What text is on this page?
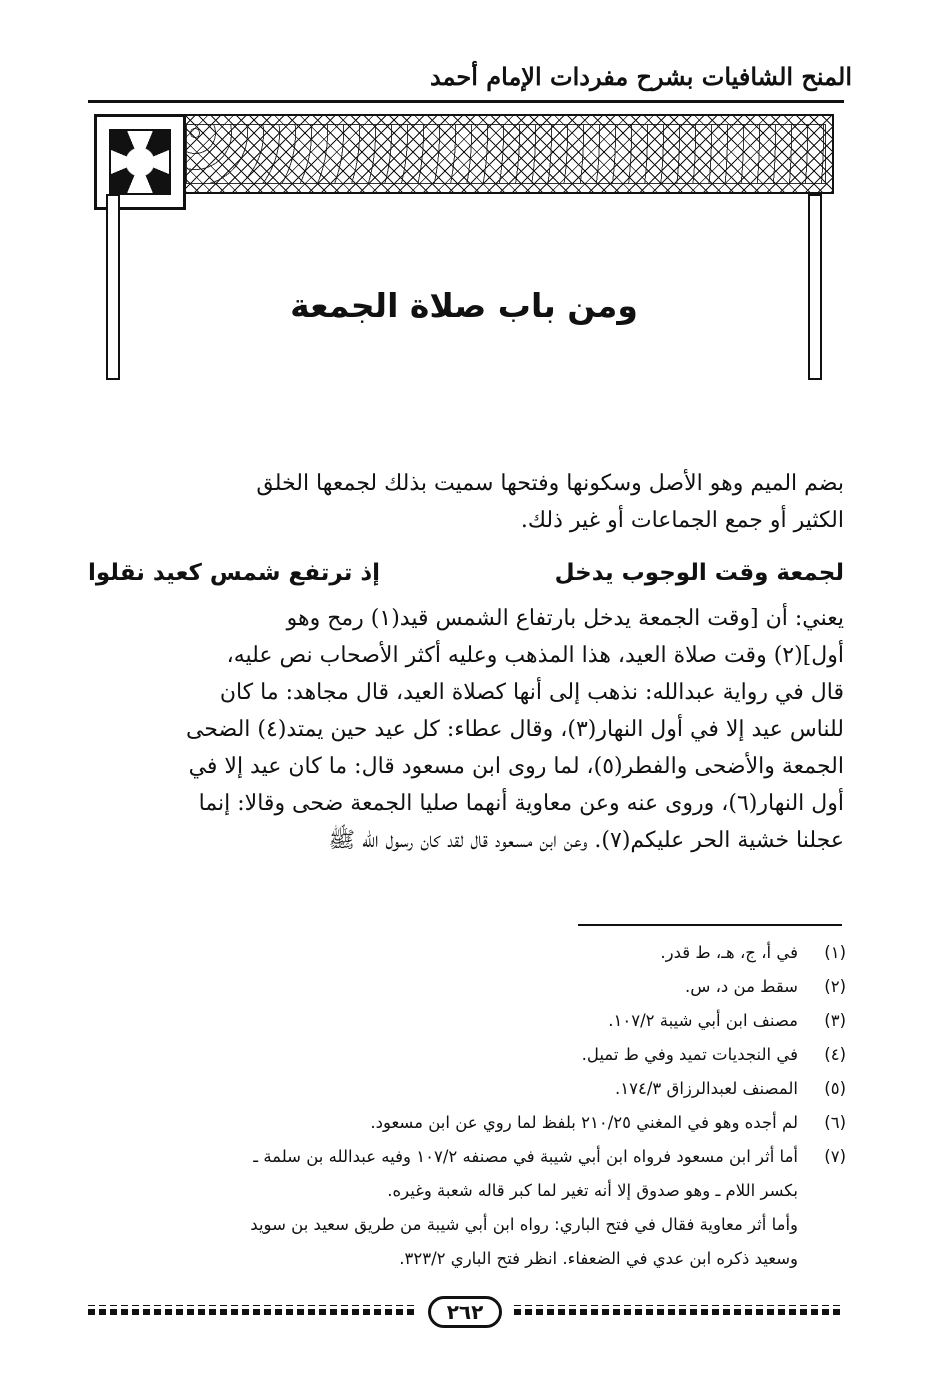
المنح الشافيات بشرح مفردات الإمام أحمد
ومن باب صلاة الجمعة
بضم الميم وهو الأصل وسكونها وفتحها سميت بذلك لجمعها الخلق
الكثير أو جمع الجماعات أو غير ذلك.
لجمعة وقت الوجوب يدخل
إذ ترتفع شمس كعيد نقلوا
يعني: أن [وقت الجمعة يدخل بارتفاع الشمس قيد(١) رمح وهو
أول](٢) وقت صلاة العيد، هذا المذهب وعليه أكثر الأصحاب نص عليه،
قال في رواية عبدالله: نذهب إلى أنها كصلاة العيد، قال مجاهد: ما كان
للناس عيد إلا في أول النهار(٣)، وقال عطاء: كل عيد حين يمتد(٤) الضحى
الجمعة والأضحى والفطر(٥)، لما روى ابن مسعود قال: ما كان عيد إلا في
أول النهار(٦)، وروى عنه وعن معاوية أنهما صليا الجمعة ضحى وقالا: إنما
عجلنا خشية الحر عليكم(٧). وعن ابن مسعود قال لقد كان رسول الله ﷺ
(١)في أ، ج، هـ، ط قدر.
(٢)سقط من د، س.
(٣)مصنف ابن أبي شيبة ١٠٧/٢.
(٤)في النجديات تميد وفي ط تميل.
(٥)المصنف لعبدالرزاق ١٧٤/٣.
(٦)لم أجده وهو في المغني ٢١٠/٢٥ بلفظ لما روي عن ابن مسعود.
(٧)أما أثر ابن مسعود فرواه ابن أبي شيبة في مصنفه ١٠٧/٢ وفيه عبدالله بن سلمة ـ
بكسر اللام ـ وهو صدوق إلا أنه تغير لما كبر قاله شعبة وغيره.
وأما أثر معاوية فقال في فتح الباري: رواه ابن أبي شيبة من طريق سعيد بن سويد
وسعيد ذكره ابن عدي في الضعفاء. انظر فتح الباري ٣٢٣/٢.
٢٦٢
